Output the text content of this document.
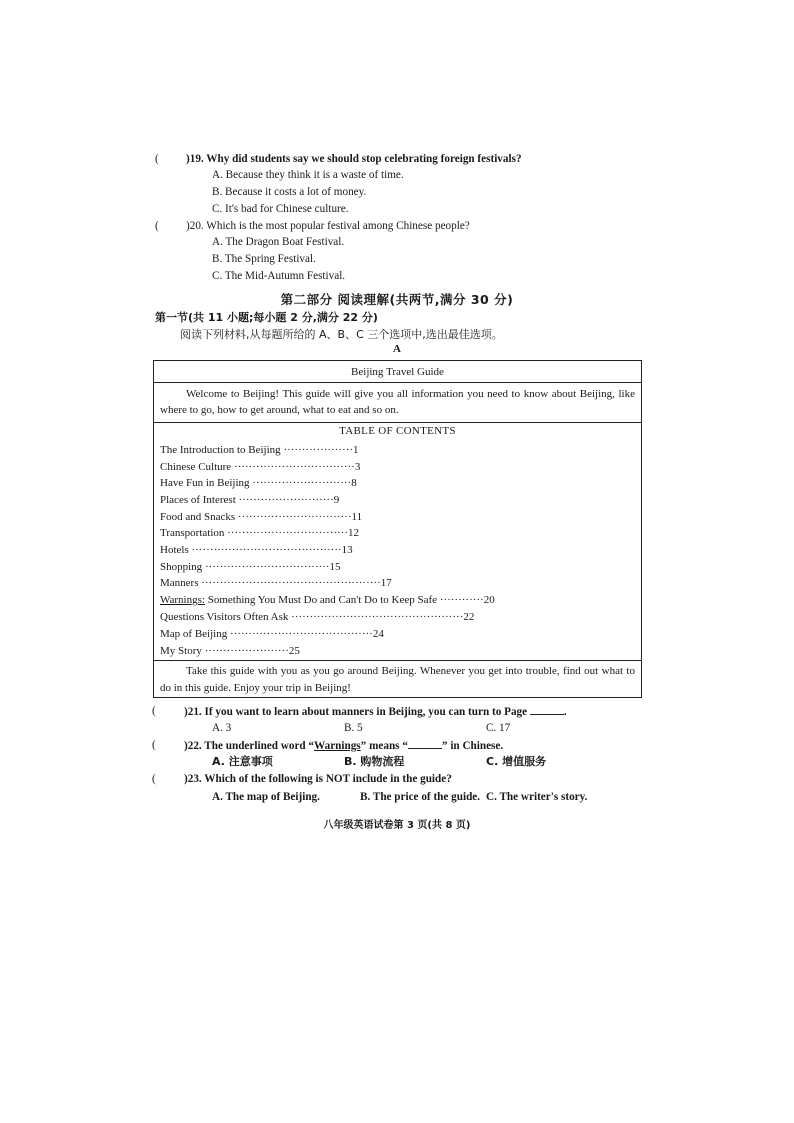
( )19. Why did students say we should stop celebrating foreign festivals?
A. Because they think it is a waste of time.
B. Because it costs a lot of money.
C. It's bad for Chinese culture.
( )20. Which is the most popular festival among Chinese people?
A. The Dragon Boat Festival.
B. The Spring Festival.
C. The Mid-Autumn Festival.
第二部分 阅读理解(共两节,满分 30 分)
第一节(共 11 小题;每小题 2 分,满分 22 分)
阅读下列材料,从每题所给的 A、B、C 三个选项中,选出最佳选项。
A
Beijing Travel Guide
Welcome to Beijing! This guide will give you all information you need to know about Beijing, like where to go, how to get around, what to eat and so on.
TABLE OF CONTENTS
The Introduction to Beijing ···················1
Chinese Culture ·································3
Have Fun in Beijing ···························8
Places of Interest ··························9
Food and Snacks ·······························11
Transportation ·································12
Hotels ·········································13
Shopping ··································15
Manners ·················································17
Warnings: Something You Must Do and Can't Do to Keep Safe ············20
Questions Visitors Often Ask ···············································22
Map of Beijing ·······································24
My Story ·······················25
Take this guide with you as you go around Beijing. Whenever you get into trouble, find out what to do in this guide. Enjoy your trip in Beijing!
(	)21. If you want to learn about manners in Beijing, you can turn to Page	.
A. 3	B. 5	C. 17
(	)22. The underlined word “Warnings” means “	” in Chinese.
A. 注意事项	B. 购物流程	C. 增值服务
(	)23. Which of the following is NOT include in the guide?
A. The map of Beijing.	B. The price of the guide. C. The writer's story.
八年级英语试卷第 3 页(共 8 页)
